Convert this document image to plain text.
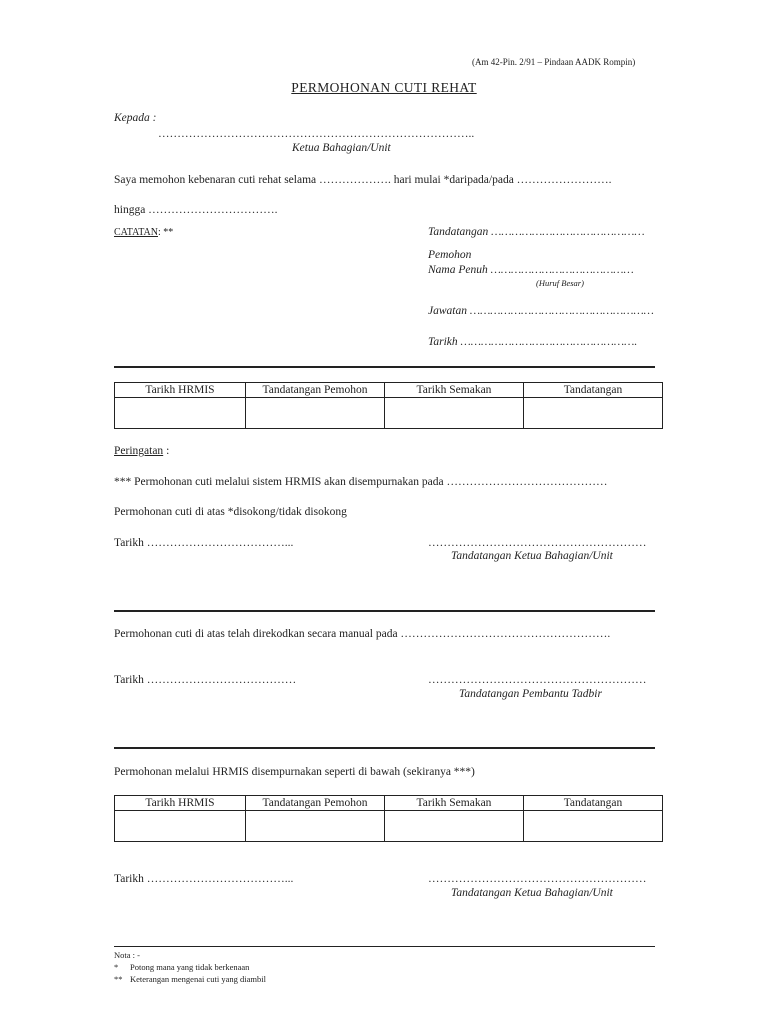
(Am 42-Pin. 2/91 – Pindaan AADK Rompin)
PERMOHONAN CUTI REHAT
Kepada :
………………………………………………………………………..
Ketua Bahagian/Unit
Saya memohon kebenaran cuti rehat selama ………………. hari mulai *daripada/pada …………………….
hingga …………………………….
CATATAN: **	Tandatangan ………………………………………
Pemohon
Nama Penuh ……………………………………
(Huruf Besar)
Jawatan ………………………………………………
Tarikh …………………………………………….
Tarikh HRMIS	Tandatangan Pemohon	Tarikh Semakan	Tandatangan

Peringatan :
*** Permohonan cuti melalui sistem HRMIS akan disempurnakan pada ……………………………………
Permohonan cuti di atas *disokong/tidak disokong
Tarikh ………………………………...	…………………………………………………
Tandatangan Ketua Bahagian/Unit
Permohonan cuti di atas telah direkodkan secara manual pada ……………………………………………….
Tarikh …………………………………	…………………………………………………
Tandatangan Pembantu Tadbir
Permohonan melalui HRMIS disempurnakan seperti di bawah (sekiranya ***)
Tarikh HRMIS	Tandatangan Pemohon	Tarikh Semakan	Tandatangan

Tarikh ………………………………...	…………………………………………………
Tandatangan Ketua Bahagian/Unit
Nota : -
* Potong mana yang tidak berkenaan
** Keterangan mengenai cuti yang diambil
